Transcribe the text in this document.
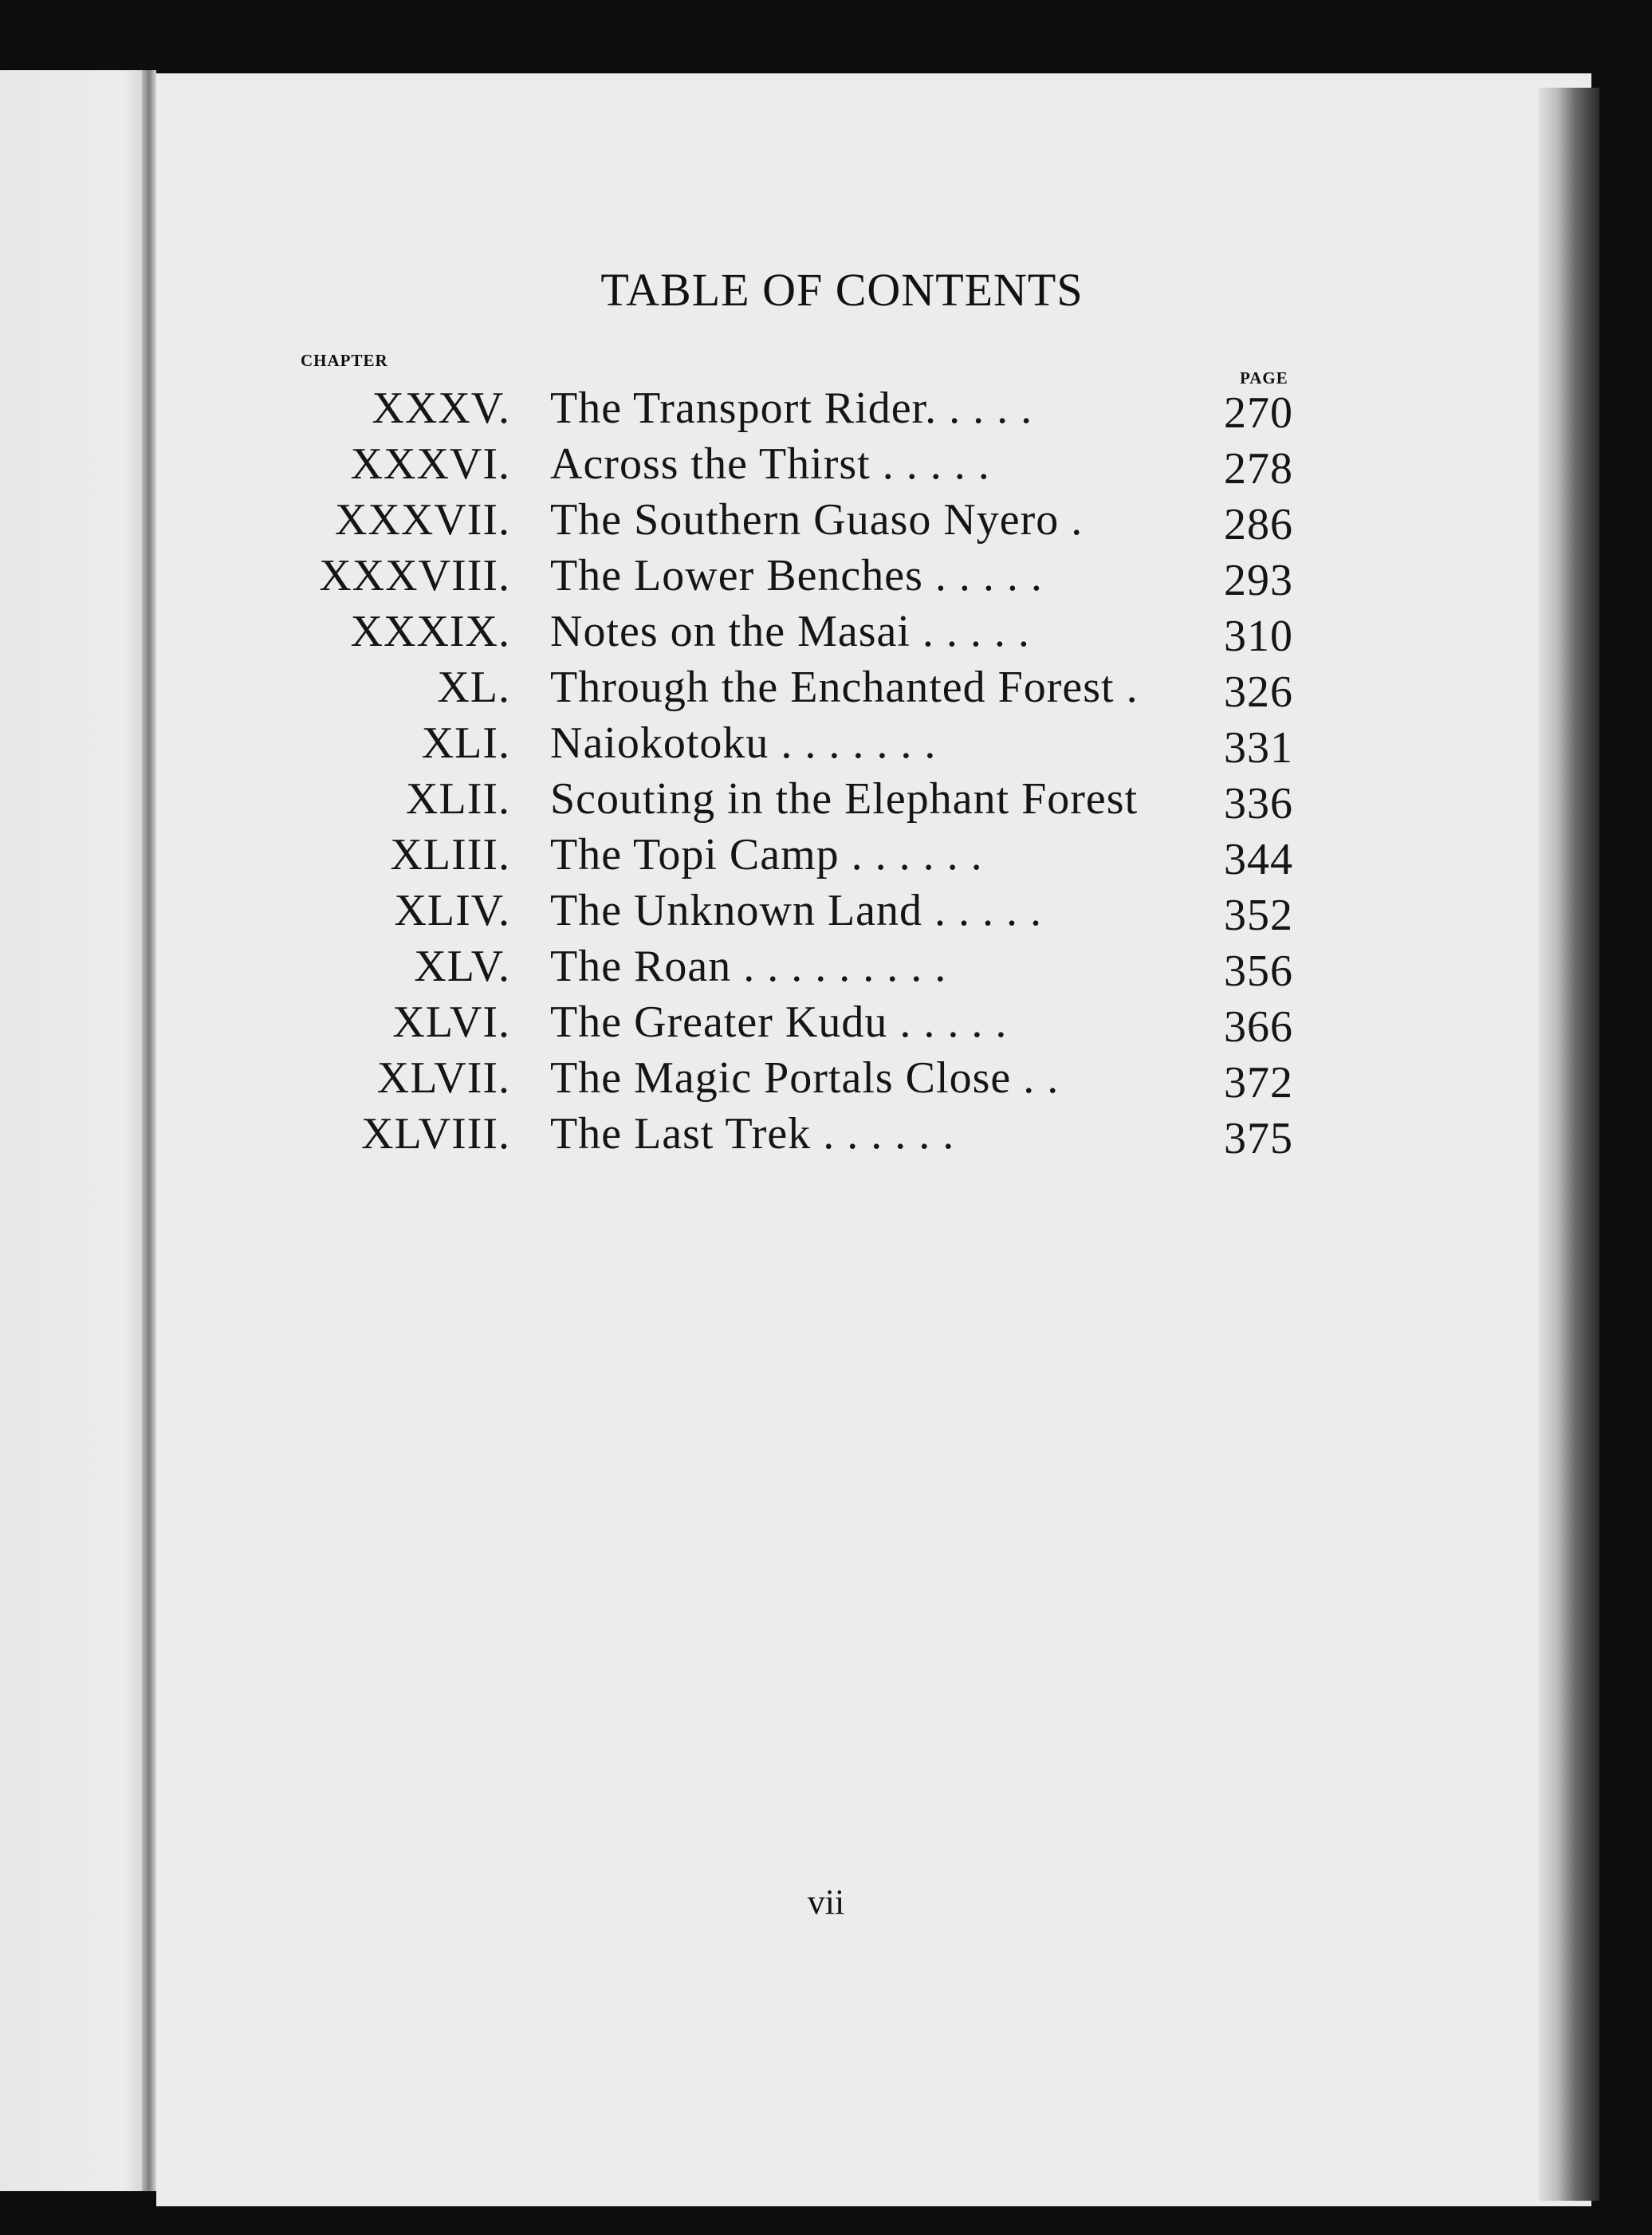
TABLE OF CONTENTS
CHAPTER
PAGE
XXXV. The Transport Rider. . . . .	270
XXXVI. Across the Thirst . . . . .	278
XXXVII. The Southern Guaso Nyero .	286
XXXVIII. The Lower Benches . . . . .	293
XXXIX. Notes on the Masai . . . . .	310
XL. Through the Enchanted Forest . 326
XLI. Naiokotoku . . . . . . .	331
XLII. Scouting in the Elephant Forest 336
XLIII. The Topi Camp . . . . . .	344
XLIV. The Unknown Land . . . . .	352
XLV. The Roan . . . . . . . . .	356
XLVI. The Greater Kudu . . . . .	366
XLVII. The Magic Portals Close . .	372
XLVIII. The Last Trek . . . . . .	375
vii
